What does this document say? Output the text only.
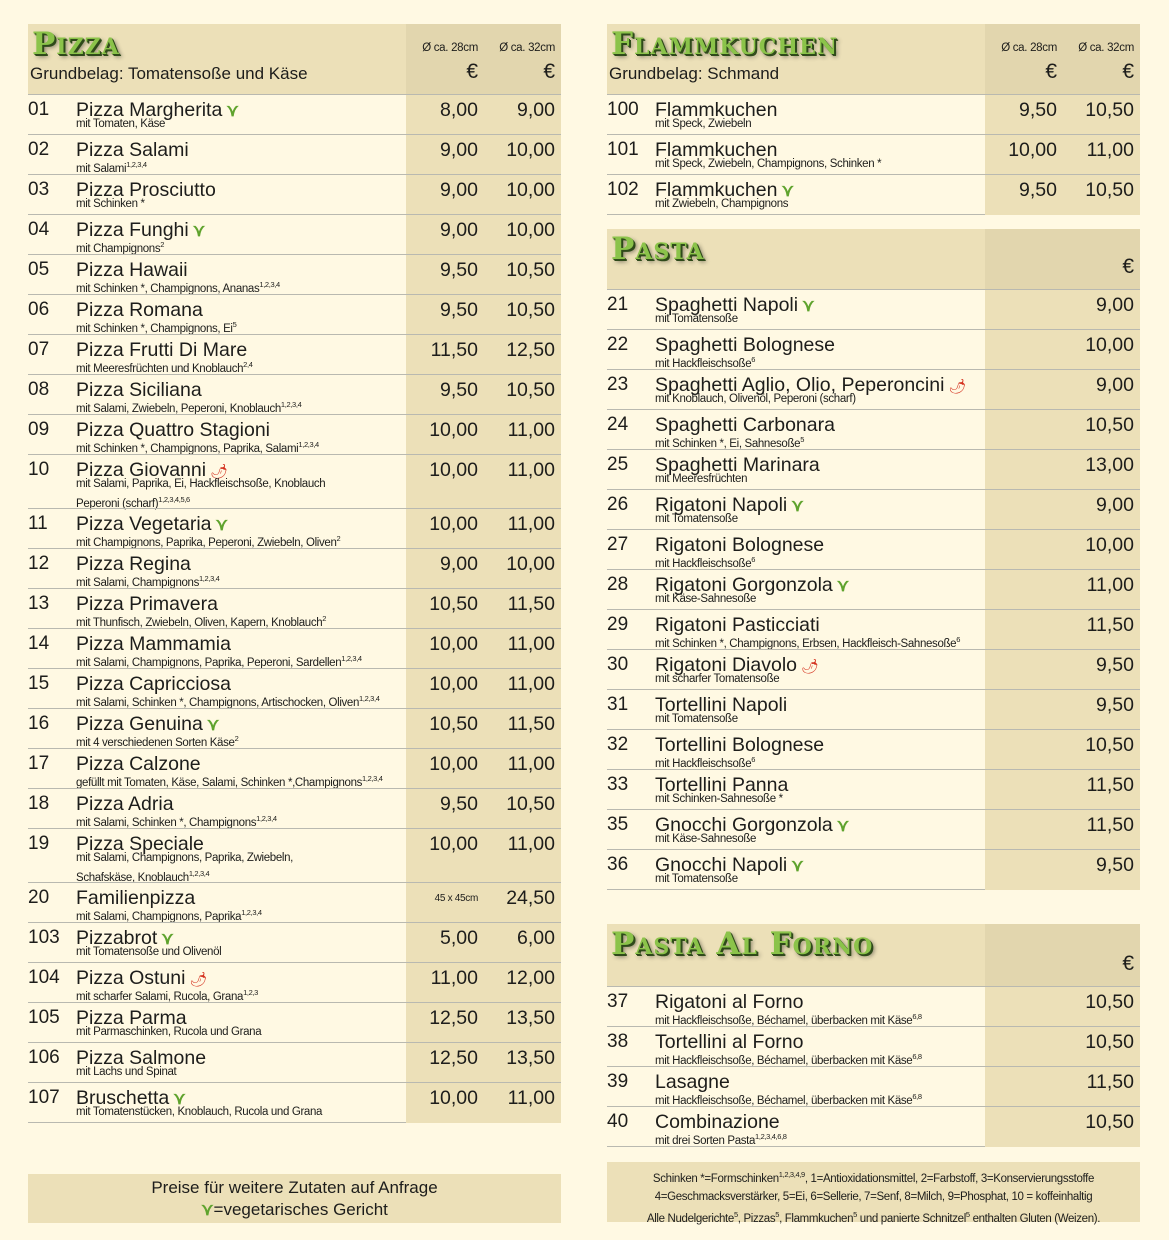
Pizza
Grundbelag: Tomatensoße und Käse
Ø ca. 28cm Ø ca. 32cm
€	€
01 Pizza Margherita ⋎
mit Tomaten, Käse
8,00 9,00
02 Pizza Salami
mit Salami$^{1,2,3,4}$
9,00 10,00
03 Pizza Prosciutto
mit Schinken *
9,00 10,00
04 Pizza Funghi ⋎
mit Champignons$^2$
9,00 10,00
05 Pizza Hawaii
mit Schinken *, Champignons, Ananas$^{1,2,3,4}$
9,50 10,50
06 Pizza Romana
mit Schinken *, Champignons, Ei$^5$
9,50 10,50
07 Pizza Frutti Di Mare
mit Meeresfrüchten und Knoblauch$^{2,4}$
11,50 12,50
08 Pizza Siciliana
mit Salami, Zwiebeln, Peperoni, Knoblauch$^{1,2,3,4}$
9,50 10,50
09 Pizza Quattro Stagioni
mit Schinken *, Champignons, Paprika, Salami$^{1,2,3,4}$
10,00 11,00
10 Pizza Giovanni 🌶
mit Salami, Paprika, Ei, Hackfleischsoße, Knoblauch
Peperoni (scharf)$^{1,2,3,4,5,6}$
10,00 11,00
11 Pizza Vegetaria ⋎
mit Champignons, Paprika, Peperoni, Zwiebeln, Oliven$^2$
10,00 11,00
12 Pizza Regina
mit Salami, Champignons$^{1,2,3,4}$
9,00 10,00
13 Pizza Primavera
mit Thunfisch, Zwiebeln, Oliven, Kapern, Knoblauch$^2$
10,50 11,50
14 Pizza Mammamia
mit Salami, Champignons, Paprika, Peperoni, Sardellen$^{1,2,3,4}$
10,00 11,00
15 Pizza Capricciosa
mit Salami, Schinken *, Champignons, Artischocken, Oliven$^{1,2,3,4}$
10,00 11,00
16 Pizza Genuina ⋎
mit 4 verschiedenen Sorten Käse$^2$
10,50 11,50
17 Pizza Calzone
gefüllt mit Tomaten, Käse, Salami, Schinken *,Champignons$^{1,2,3,4}$
10,00 11,00
18 Pizza Adria
mit Salami, Schinken *, Champignons$^{1,2,3,4}$
9,50 10,50
19 Pizza Speciale
mit Salami, Champignons, Paprika, Zwiebeln,
Schafskäse, Knoblauch$^{1,2,3,4}$
10,00 11,00
20 Familienpizza
mit Salami, Champignons, Paprika$^{1,2,3,4}$
45 x 45cm 24,50
103 Pizzabrot ⋎
mit Tomatensoße und Olivenöl
5,00 6,00
104 Pizza Ostuni 🌶
mit scharfer Salami, Rucola, Grana$^{1,2,3}$
11,00 12,00
105 Pizza Parma
mit Parmaschinken, Rucola und Grana
12,50 13,50
106 Pizza Salmone
mit Lachs und Spinat
12,50 13,50
107 Bruschetta ⋎
mit Tomatenstücken, Knoblauch, Rucola und Grana
10,00 11,00
Flammkuchen
Grundbelag: Schmand
Ø ca. 28cm Ø ca. 32cm
€	€
100 Flammkuchen
mit Speck, Zwiebeln
9,50 10,50
101 Flammkuchen
mit Speck, Zwiebeln, Champignons, Schinken *
10,00 11,00
102 Flammkuchen ⋎
mit Zwiebeln, Champignons
9,50 10,50
Pasta	€
21 Spaghetti Napoli ⋎
mit Tomatensoße
9,00
22 Spaghetti Bolognese
mit Hackfleischsoße$^6$
10,00
23 Spaghetti Aglio, Olio, Peperoncini 🌶
mit Knoblauch, Olivenöl, Peperoni (scharf)
9,00
24 Spaghetti Carbonara
mit Schinken *, Ei, Sahnesoße$^5$
10,50
25 Spaghetti Marinara
mit Meeresfrüchten
13,00
26 Rigatoni Napoli ⋎
mit Tomatensoße
9,00
27 Rigatoni Bolognese
mit Hackfleischsoße$^6$
10,00
28 Rigatoni Gorgonzola ⋎
mit Käse-Sahnesoße
11,00
29 Rigatoni Pasticciati
mit Schinken *, Champignons, Erbsen, Hackfleisch-Sahnesoße$^6$
11,50
30 Rigatoni Diavolo 🌶
mit scharfer Tomatensoße
9,50
31 Tortellini Napoli
mit Tomatensoße
9,50
32 Tortellini Bolognese
mit Hackfleischsoße$^6$
10,50
33 Tortellini Panna
mit Schinken-Sahnesoße *
11,50
35 Gnocchi Gorgonzola ⋎
mit Käse-Sahnesoße
11,50
36 Gnocchi Napoli ⋎
mit Tomatensoße
9,50
Pasta Al Forno
€
37 Rigatoni al Forno
mit Hackfleischsoße, Béchamel, überbacken mit Käse$^{6,8}$
10,50
38 Tortellini al Forno
mit Hackfleischsoße, Béchamel, überbacken mit Käse$^{6,8}$
10,50
39 Lasagne
mit Hackfleischsoße, Béchamel, überbacken mit Käse$^{6,8}$
11,50
40 Combinazione
mit drei Sorten Pasta$^{1,2,3,4,6,8}$
10,50
Preise für weitere Zutaten auf Anfrage
⋎=vegetarisches Gericht
Schinken *=Formschinken$^{1,2,3,4,9}$, 1=Antioxidationsmittel, 2=Farbstoff, 3=Konservierungsstoffe
4=Geschmacksverstärker, 5=Ei, 6=Sellerie, 7=Senf, 8=Milch, 9=Phosphat, 10 = koffeinhaltig
Alle Nudelgerichte$^5$, Pizzas$^5$, Flammkuchen$^5$ und panierte Schnitzel$^5$ enthalten Gluten (Weizen).
